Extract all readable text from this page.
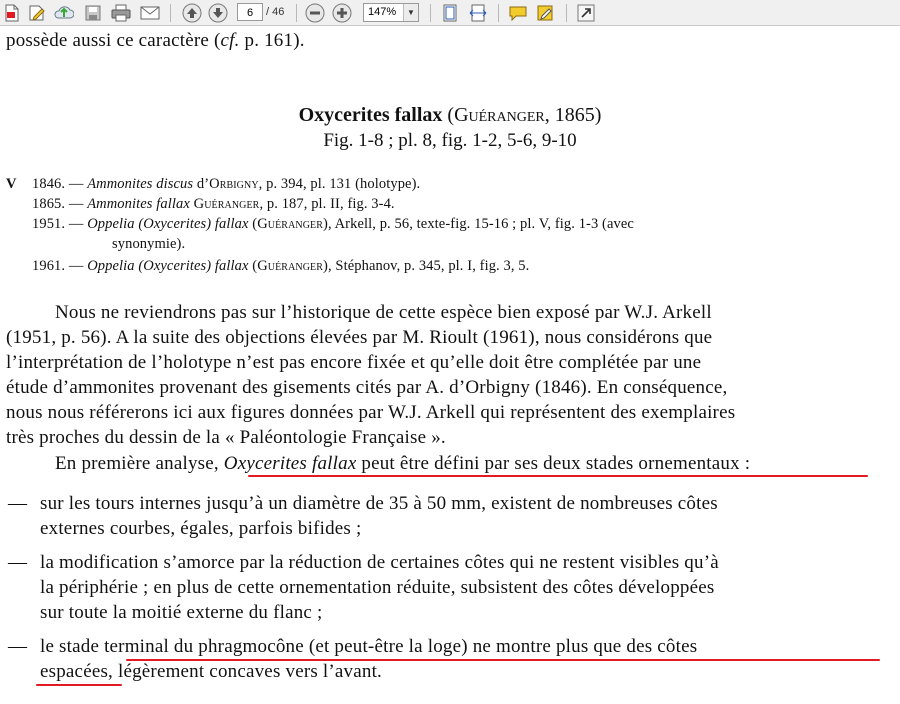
6	/ 46	147%	▼
possède aussi ce caractère (cf. p. 161).
Oxycerites fallax (Guéranger, 1865)
Fig. 1-8 ; pl. 8, fig. 1-2, 5-6, 9-10
V 1846. — Ammonites discus d’Orbigny, p. 394, pl. 131 (holotype).
1865. — Ammonites fallax Guéranger, p. 187, pl. II, fig. 3-4.
1951. — Oppelia (Oxycerites) fallax (Guéranger), Arkell, p. 56, texte-fig. 15-16 ; pl. V, fig. 1-3 (avec
synonymie).
1961. — Oppelia (Oxycerites) fallax (Guéranger), Stéphanov, p. 345, pl. I, fig. 3, 5.
Nous ne reviendrons pas sur l’historique de cette espèce bien exposé par W.J. Arkell
(1951, p. 56). A la suite des objections élevées par M. Rioult (1961), nous considérons que
l’interprétation de l’holotype n’est pas encore fixée et qu’elle doit être complétée par une
étude d’ammonites provenant des gisements cités par A. d’Orbigny (1846). En conséquence,
nous nous référerons ici aux figures données par W.J. Arkell qui représentent des exemplaires
très proches du dessin de la « Paléontologie Française ».
En première analyse, Oxycerites fallax peut être défini par ses deux stades ornementaux :
— sur les tours internes jusqu’à un diamètre de 35 à 50 mm, existent de nombreuses côtes
externes courbes, égales, parfois bifides ;
— la modification s’amorce par la réduction de certaines côtes qui ne restent visibles qu’à
la périphérie ; en plus de cette ornementation réduite, subsistent des côtes développées
sur toute la moitié externe du flanc ;
— le stade terminal du phragmocône (et peut-être la loge) ne montre plus que des côtes
espacées, légèrement concaves vers l’avant.
